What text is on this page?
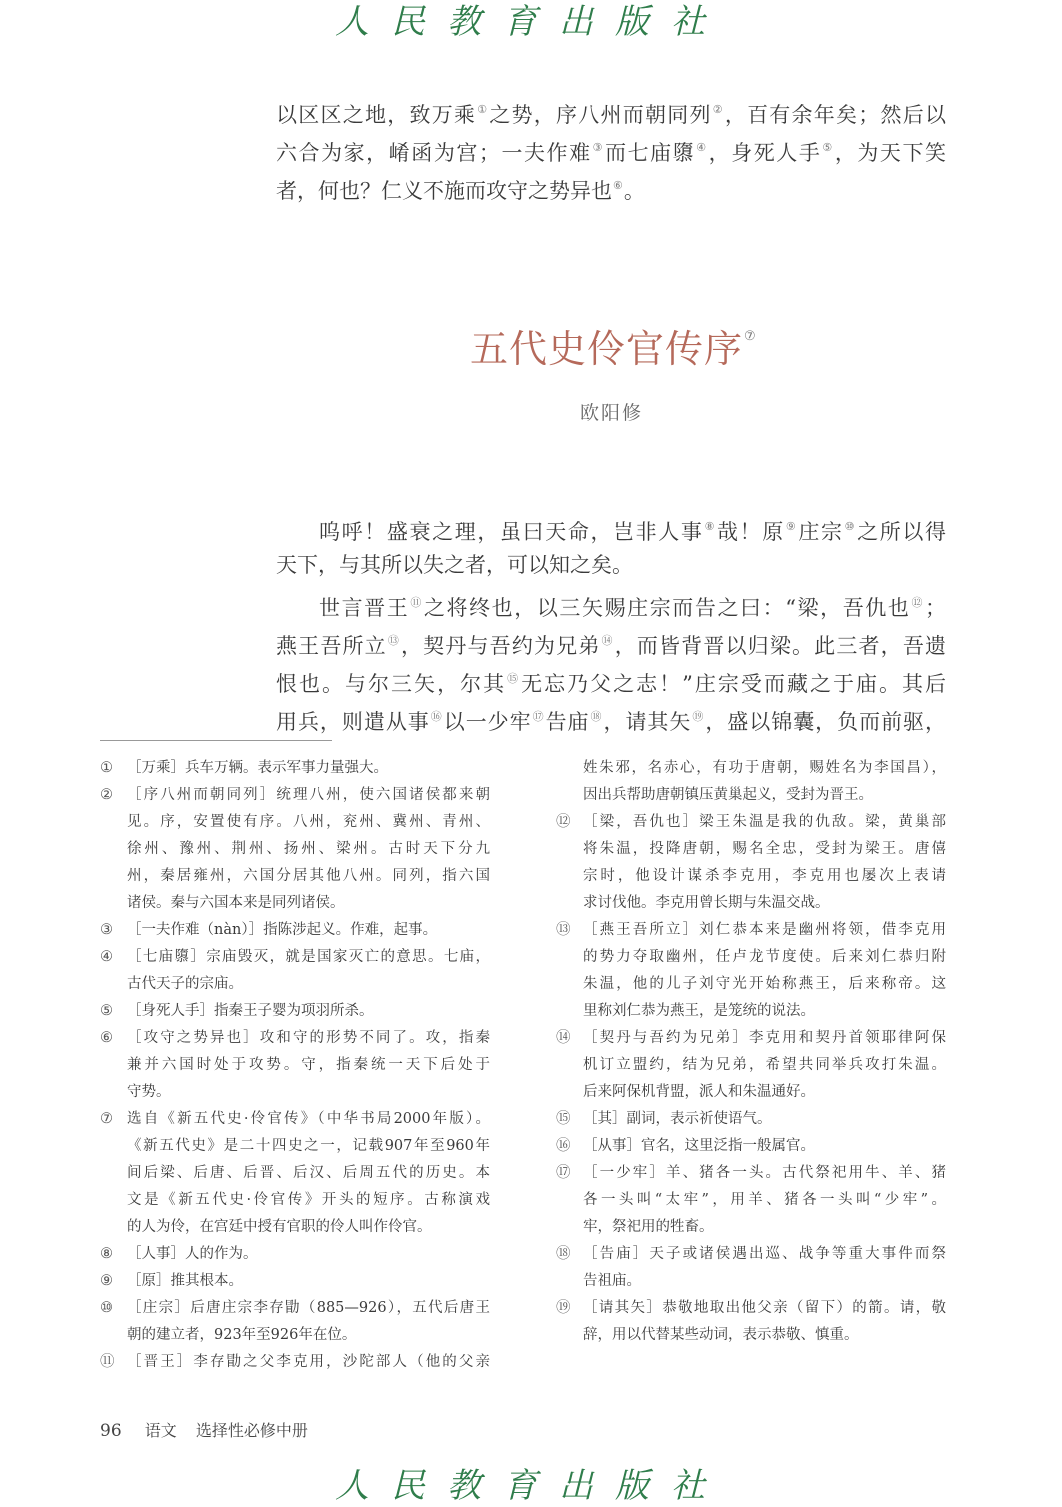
人民教育出版社
以区区之地，致万乘①之势，序八州而朝同列②，百有余年矣；然后以
六合为家，崤函为宫；一夫作难③而七庙隳④，身死人手⑤，为天下笑
者，何也？仁义不施而攻守之势异也⑥。
五代史伶官传序⑦
欧阳修
呜呼！盛衰之理，虽曰天命，岂非人事⑧哉！原⑨庄宗⑩之所以得
天下，与其所以失之者，可以知之矣。
世言晋王⑪之将终也，以三矢赐庄宗而告之曰：“梁，吾仇也⑫；
燕王吾所立⑬，契丹与吾约为兄弟⑭，而皆背晋以归梁。此三者，吾遗
恨也。与尔三矢，尔其⑮无忘乃父之志！”庄宗受而藏之于庙。其后
用兵，则遣从事⑯以一少牢⑰告庙⑱，请其矢⑲，盛以锦囊，负而前驱，
① ［万乘］兵车万辆。表示军事力量强大。
② ［序八州而朝同列］统理八州，使六国诸侯都来朝
见。序，安置使有序。八州，兖州、冀州、青州、
徐州、豫州、荆州、扬州、梁州。古时天下分九
州，秦居雍州，六国分居其他八州。同列，指六国
诸侯。秦与六国本来是同列诸侯。
③ ［一夫作难（nàn）］指陈涉起义。作难，起事。
④ ［七庙隳］宗庙毁灭，就是国家灭亡的意思。七庙，
古代天子的宗庙。
⑤ ［身死人手］指秦王子婴为项羽所杀。
⑥ ［攻守之势异也］攻和守的形势不同了。攻，指秦
兼并六国时处于攻势。守，指秦统一天下后处于
守势。
⑦ 选自《新五代史·伶官传》（中华书局2000年版）。
《新五代史》是二十四史之一，记载907年至960年
间后梁、后唐、后晋、后汉、后周五代的历史。本
文是《新五代史·伶官传》开头的短序。古称演戏
的人为伶，在宫廷中授有官职的伶人叫作伶官。
⑧ ［人事］人的作为。
⑨ ［原］推其根本。
⑩ ［庄宗］后唐庄宗李存勖（885—926），五代后唐王
朝的建立者，923年至926年在位。
⑪ ［晋王］李存勖之父李克用，沙陀部人（他的父亲
姓朱邪，名赤心，有功于唐朝，赐姓名为李国昌），
因出兵帮助唐朝镇压黄巢起义，受封为晋王。
⑫ ［梁，吾仇也］梁王朱温是我的仇敌。梁，黄巢部
将朱温，投降唐朝，赐名全忠，受封为梁王。唐僖
宗时，他设计谋杀李克用，李克用也屡次上表请
求讨伐他。李克用曾长期与朱温交战。
⑬ ［燕王吾所立］刘仁恭本来是幽州将领，借李克用
的势力夺取幽州，任卢龙节度使。后来刘仁恭归附
朱温，他的儿子刘守光开始称燕王，后来称帝。这
里称刘仁恭为燕王，是笼统的说法。
⑭ ［契丹与吾约为兄弟］李克用和契丹首领耶律阿保
机订立盟约，结为兄弟，希望共同举兵攻打朱温。
后来阿保机背盟，派人和朱温通好。
⑮ ［其］副词，表示祈使语气。
⑯ ［从事］官名，这里泛指一般属官。
⑰ ［一少牢］羊、猪各一头。古代祭祀用牛、羊、猪
各一头叫“太牢”，用羊、猪各一头叫“少牢”。
牢，祭祀用的牲畜。
⑱ ［告庙］天子或诸侯遇出巡、战争等重大事件而祭
告祖庙。
⑲ ［请其矢］恭敬地取出他父亲（留下）的箭。请，敬
辞，用以代替某些动词，表示恭敬、慎重。
96 语文 选择性必修中册
人民教育出版社
